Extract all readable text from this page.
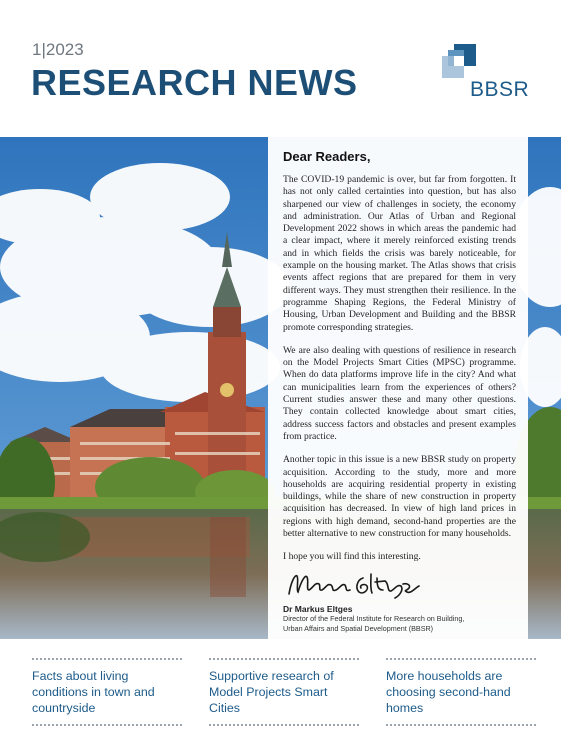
1|2023
RESEARCH NEWS	BBSR
Dear Readers,

The COVID-19 pandemic is over, but far from forgotten. It has not only called certainties into question, but has also sharpened our view of challenges in society, the economy and administration. Our Atlas of Urban and Regional Development 2022 shows in which areas the pandemic had a clear impact, where it merely reinforced existing trends and in which fields the crisis was barely noticeable, for example on the housing market. The Atlas shows that crisis events affect regions that are prepared for them in very different ways. They must strengthen their resilience. In the programme Shaping Regions, the Federal Ministry of Housing, Urban Development and Building and the BBSR promote corresponding strategies.

We are also dealing with questions of resilience in research on the Model Projects Smart Cities (MPSC) programme. When do data platforms improve life in the city? And what can municipalities learn from the experiences of others? Current studies answer these and many other questions. They contain collected knowledge about smart cities, address success factors and obstacles and present examples from practice.

Another topic in this issue is a new BBSR study on property acquisition. According to the study, more and more households are acquiring residential property in existing buildings, while the share of new construction in property acquisition has decreased. In view of high land prices in regions with high demand, second-hand properties are the better alternative to new construction for many households.

I hope you will find this interesting.

Dr Markus Eltges
Director of the Federal Institute for Research on Building,
Urban Affairs and Spatial Development (BBSR)
Facts about living conditions in town and countryside
Supportive research of Model Projects Smart Cities
More households are choosing second-hand homes
